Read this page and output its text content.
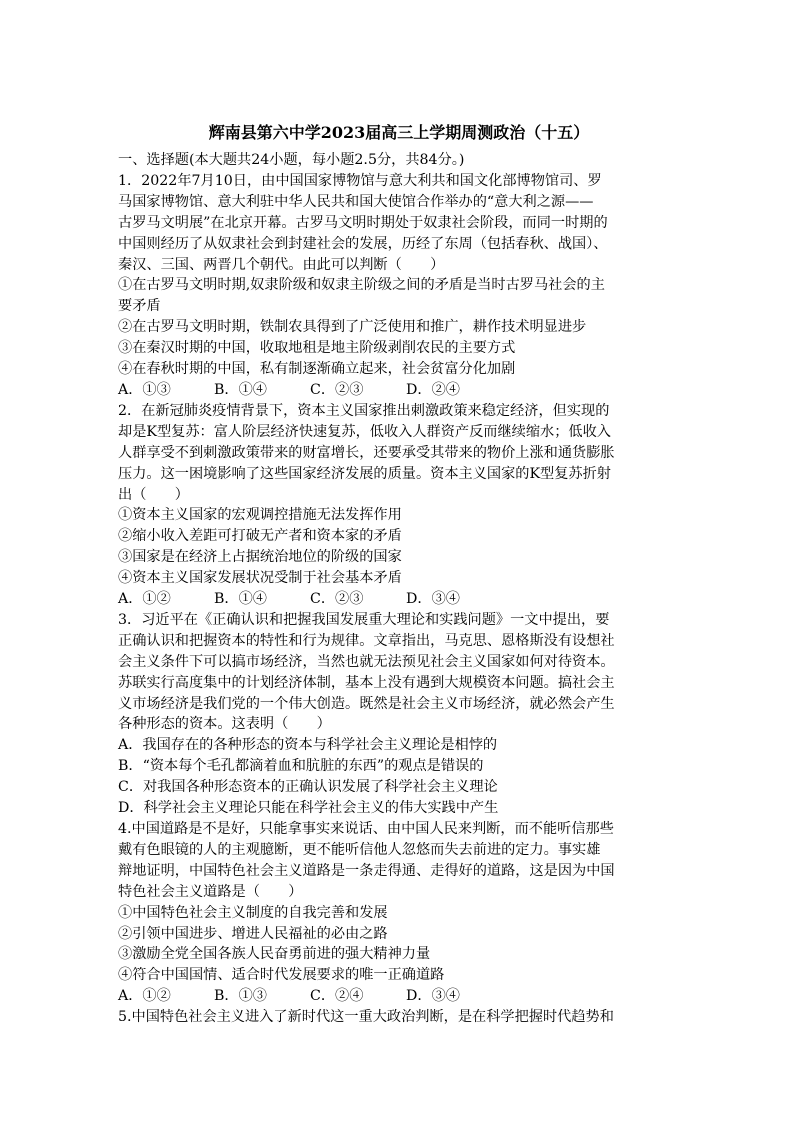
辉南县第六中学2023届高三上学期周测政治（十五）
一、选择题(本大题共24小题，每小题2.5分，共84分。)
1．2022年7月10日，由中国国家博物馆与意大利共和国文化部博物馆司、罗
马国家博物馆、意大利驻中华人民共和国大使馆合作举办的“意大利之源——
古罗马文明展”在北京开幕。古罗马文明时期处于奴隶社会阶段，而同一时期的
中国则经历了从奴隶社会到封建社会的发展，历经了东周（包括春秋、战国）、
秦汉、三国、两晋几个朝代。由此可以判断（　　）
①在古罗马文明时期,奴隶阶级和奴隶主阶级之间的矛盾是当时古罗马社会的主
要矛盾
②在古罗马文明时期，铁制农具得到了广泛使用和推广，耕作技术明显进步
③在秦汉时期的中国，收取地租是地主阶级剥削农民的主要方式
④在春秋时期的中国，私有制逐渐确立起来，社会贫富分化加剧
A．①③	B．①④	C．②③	D．②④
2．在新冠肺炎疫情背景下，资本主义国家推出刺激政策来稳定经济，但实现的
却是K型复苏：富人阶层经济快速复苏，低收入人群资产反而继续缩水；低收入
人群享受不到刺激政策带来的财富增长，还要承受其带来的物价上涨和通货膨胀
压力。这一困境影响了这些国家经济发展的质量。资本主义国家的K型复苏折射
出（　　）
①资本主义国家的宏观调控措施无法发挥作用
②缩小收入差距可打破无产者和资本家的矛盾
③国家是在经济上占据统治地位的阶级的国家
④资本主义国家发展状况受制于社会基本矛盾
A．①②	B．①④	C．②③	D．③④
3．习近平在《正确认识和把握我国发展重大理论和实践问题》一文中提出，要
正确认识和把握资本的特性和行为规律。文章指出，马克思、恩格斯没有设想社
会主义条件下可以搞市场经济，当然也就无法预见社会主义国家如何对待资本。
苏联实行高度集中的计划经济体制，基本上没有遇到大规模资本问题。搞社会主
义市场经济是我们党的一个伟大创造。既然是社会主义市场经济，就必然会产生
各种形态的资本。这表明（　　）
A．我国存在的各种形态的资本与科学社会主义理论是相悖的
B．“资本每个毛孔都滴着血和肮脏的东西”的观点是错误的
C．对我国各种形态资本的正确认识发展了科学社会主义理论
D．科学社会主义理论只能在科学社会主义的伟大实践中产生
4.中国道路是不是好，只能拿事实来说话、由中国人民来判断，而不能听信那些
戴有色眼镜的人的主观臆断，更不能听信他人忽悠而失去前进的定力。事实雄
辩地证明，中国特色社会主义道路是一条走得通、走得好的道路，这是因为中国
特色社会主义道路是（　　）
①中国特色社会主义制度的自我完善和发展
②引领中国进步、增进人民福祉的必由之路
③激励全党全国各族人民奋勇前进的强大精神力量
④符合中国国情、适合时代发展要求的唯一正确道路
A．①②	B．①③	C．②④	D．③④
5.中国特色社会主义进入了新时代这一重大政治判断，是在科学把握时代趋势和
